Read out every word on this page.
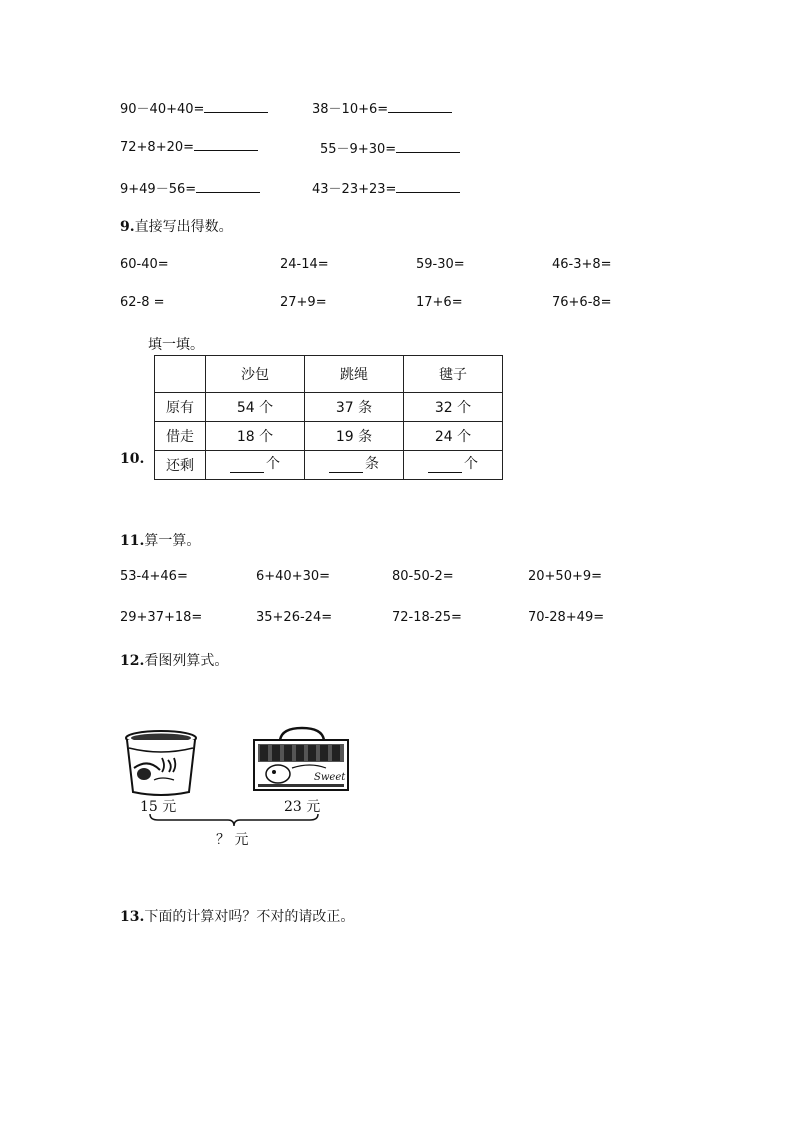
90－40+40=	38－10+6=
72+8+20=	55－9+30=
9+49－56=	43－23+23=
9.直接写出得数。
60-40=	24-14=	59-30=	46-3+8=
62-8 =	27+9=	17+6=	76+6-8=
填一填。
10.
	沙包	跳绳	毽子
原有	54 个	37 条	32 个
借走	18 个	19 条	24 个
还剩	个	条	个
11.算一算。
53-4+46=	6+40+30=	80-50-2=	20+50+9=
29+37+18=	35+26-24=	72-18-25=	70-28+49=
12.看图列算式。
Sweet
15 元	23 元
？ 元
13.下面的计算对吗？不对的请改正。
